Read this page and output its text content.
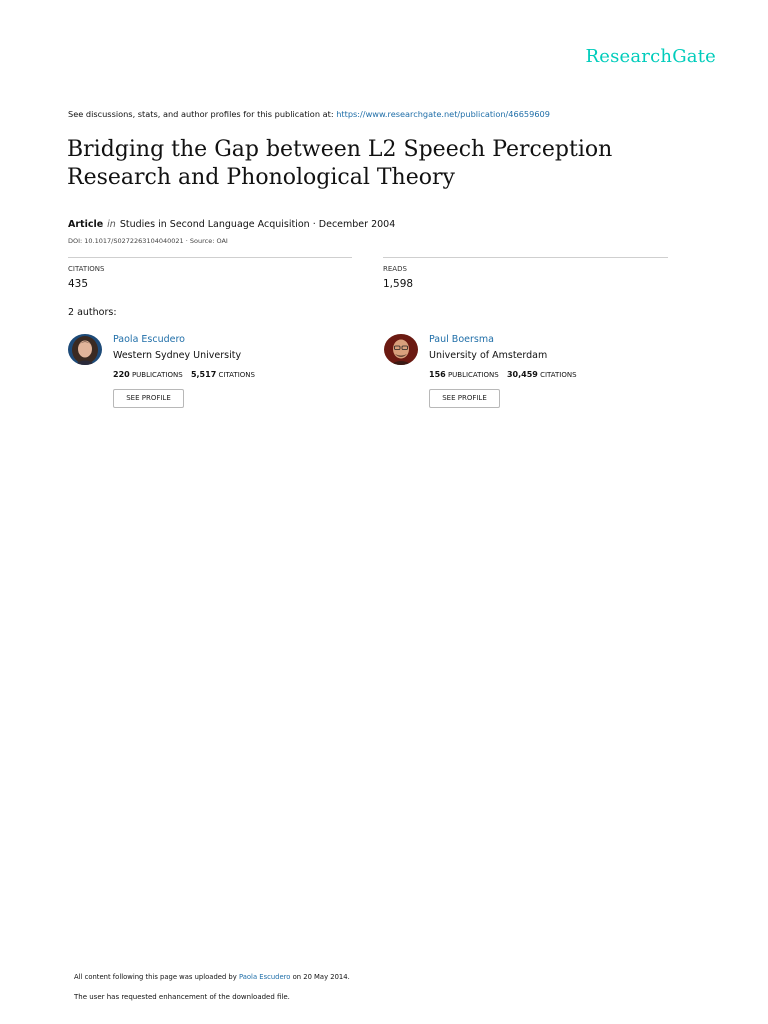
ResearchGate
See discussions, stats, and author profiles for this publication at: https://www.researchgate.net/publication/46659609
Bridging the Gap between L2 Speech Perception Research and Phonological Theory
Article in Studies in Second Language Acquisition · December 2004
DOI: 10.1017/S0272263104040021 · Source: OAI
CITATIONS
435
READS
1,598
2 authors:
Paola Escudero
Western Sydney University
220 PUBLICATIONS 5,517 CITATIONS
SEE PROFILE
Paul Boersma
University of Amsterdam
156 PUBLICATIONS 30,459 CITATIONS
SEE PROFILE
All content following this page was uploaded by Paola Escudero on 20 May 2014.
The user has requested enhancement of the downloaded file.
